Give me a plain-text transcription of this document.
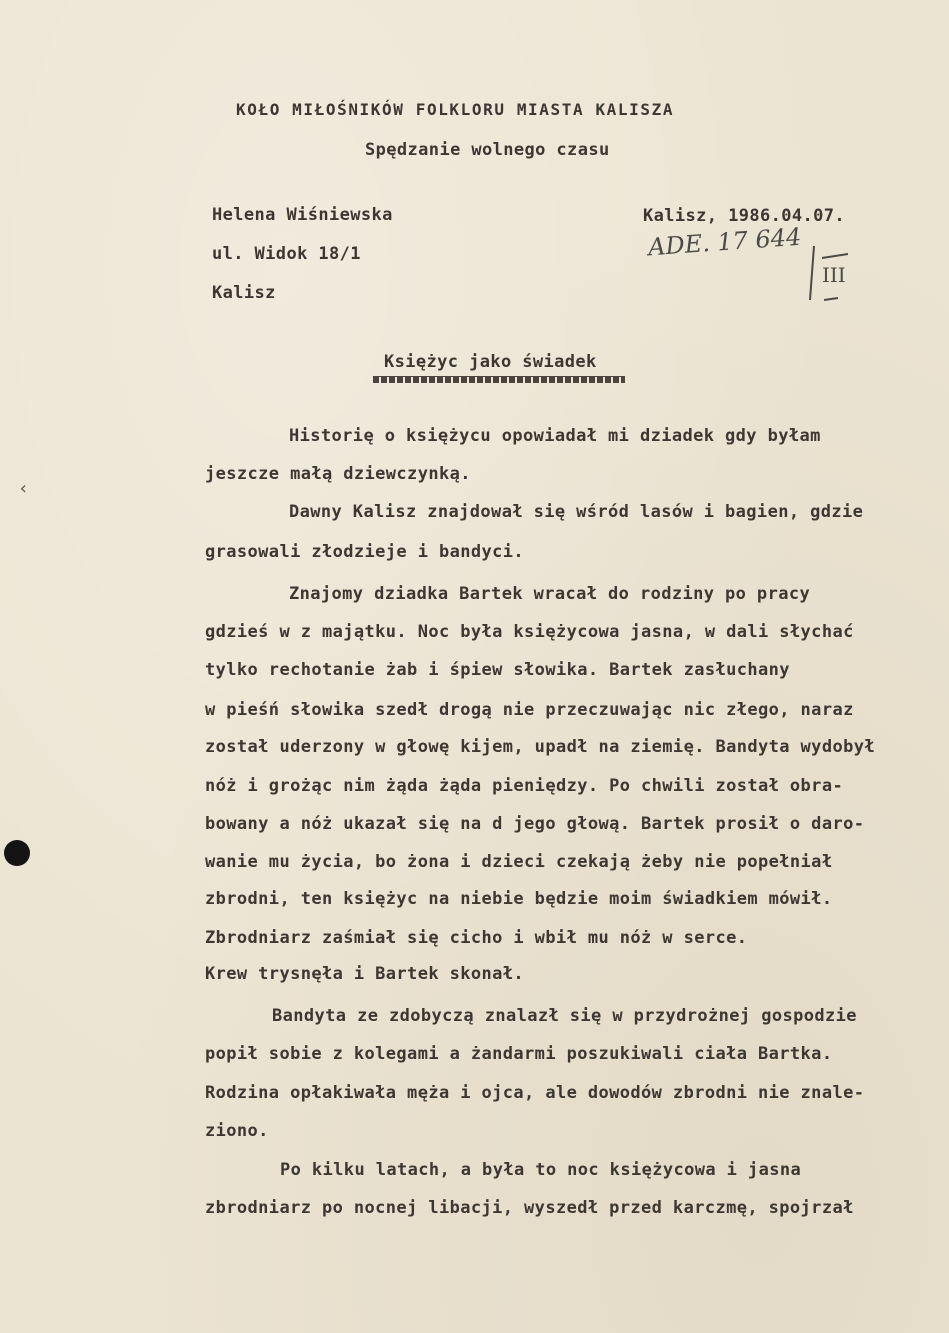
KOŁO MIŁOŚNIKÓW FOLKLORU MIASTA KALISZA
Spędzanie wolnego czasu
Helena Wiśniewska
ul. Widok 18/1
Kalisz
Kalisz, 1986.04.07.
ADE. 17 644
III
Księżyc jako świadek
‹
Historię o księżycu opowiadał mi dziadek gdy byłam
jeszcze małą dziewczynką.
Dawny Kalisz znajdował się wśród lasów i bagien, gdzie
grasowali złodzieje i bandyci.
Znajomy dziadka Bartek wracał do rodziny po pracy
gdzieś w z majątku. Noc była księżycowa jasna, w dali słychać
tylko rechotanie żab i śpiew słowika. Bartek zasłuchany
w pieśń słowika szedł drogą nie przeczuwając nic złego, naraz
został uderzony w głowę kijem, upadł na ziemię. Bandyta wydobył
nóż i grożąc nim żąda żąda pieniędzy. Po chwili został obra-
bowany a nóż ukazał się na d jego głową. Bartek prosił o daro-
wanie mu życia, bo żona i dzieci czekają żeby nie popełniał
zbrodni, ten księżyc na niebie będzie moim świadkiem mówił.
Zbrodniarz zaśmiał się cicho i wbił mu nóż w serce.
Krew trysnęła i Bartek skonał.
Bandyta ze zdobyczą znalazł się w przydrożnej gospodzie
popił sobie z kolegami a żandarmi poszukiwali ciała Bartka.
Rodzina opłakiwała męża i ojca, ale dowodów zbrodni nie znale-
ziono.
Po kilku latach, a była to noc księżycowa i jasna
zbrodniarz po nocnej libacji, wyszedł przed karczmę, spojrzał
